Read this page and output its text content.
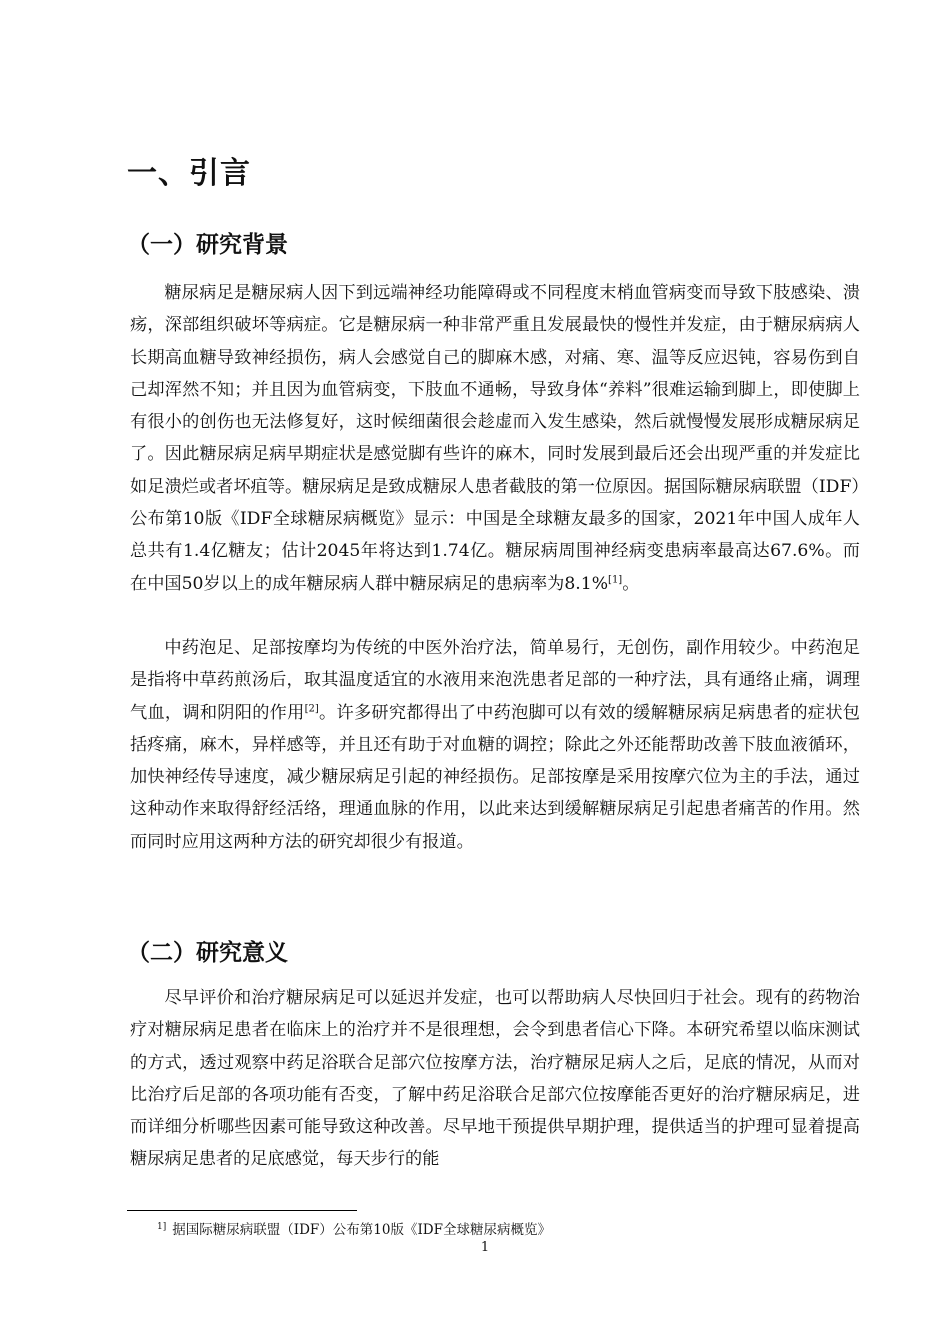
一、引言
（一）研究背景

糖尿病足是糖尿病人因下到远端神经功能障碍或不同程度末梢血管病变而导致下肢感染、溃疡，深部组织破坏等病症。它是糖尿病一种非常严重且发展最快的慢性并发症，由于糖尿病病人长期高血糖导致神经损伤，病人会感觉自己的脚麻木感，对痛、寒、温等反应迟钝，容易伤到自己却浑然不知；并且因为血管病变，下肢血不通畅，导致身体“养料”很难运输到脚上，即使脚上有很小的创伤也无法修复好，这时候细菌很会趁虚而入发生感染，然后就慢慢发展形成糖尿病足了。因此糖尿病足病早期症状是感觉脚有些许的麻木，同时发展到最后还会出现严重的并发症比如足溃烂或者坏疽等。糖尿病足是致成糖尿人患者截肢的第一位原因。据国际糖尿病联盟（IDF）公布第10版《IDF全球糖尿病概览》显示：中国是全球糖友最多的国家，2021年中国人成年人总共有1.4亿糖友；估计2045年将达到1.74亿。糖尿病周围神经病变患病率最高达67.6%。而在中国50岁以上的成年糖尿病人群中糖尿病足的患病率为8.1%[1]。

中药泡足、足部按摩均为传统的中医外治疗法，简单易行，无创伤，副作用较少。中药泡足是指将中草药煎汤后，取其温度适宜的水液用来泡洗患者足部的一种疗法，具有通络止痛，调理气血，调和阴阳的作用[2]。许多研究都得出了中药泡脚可以有效的缓解糖尿病足病患者的症状包括疼痛，麻木，异样感等，并且还有助于对血糖的调控；除此之外还能帮助改善下肢血液循环，加快神经传导速度，减少糖尿病足引起的神经损伤。足部按摩是采用按摩穴位为主的手法，通过这种动作来取得舒经活络，理通血脉的作用，以此来达到缓解糖尿病足引起患者痛苦的作用。然而同时应用这两种方法的研究却很少有报道。

（二）研究意义

尽早评价和治疗糖尿病足可以延迟并发症，也可以帮助病人尽快回归于社会。现有的药物治疗对糖尿病足患者在临床上的治疗并不是很理想，会令到患者信心下降。本研究希望以临床测试的方式，透过观察中药足浴联合足部穴位按摩方法，治疗糖尿足病人之后，足底的情况，从而对比治疗后足部的各项功能有否变，了解中药足浴联合足部穴位按摩能否更好的治疗糖尿病足，进而详细分析哪些因素可能导致这种改善。尽早地干预提供早期护理，提供适当的护理可显着提高糖尿病足患者的足底感觉，每天步行的能

$^{1]}$ 据国际糖尿病联盟（IDF）公布第10版《IDF全球糖尿病概览》

1
